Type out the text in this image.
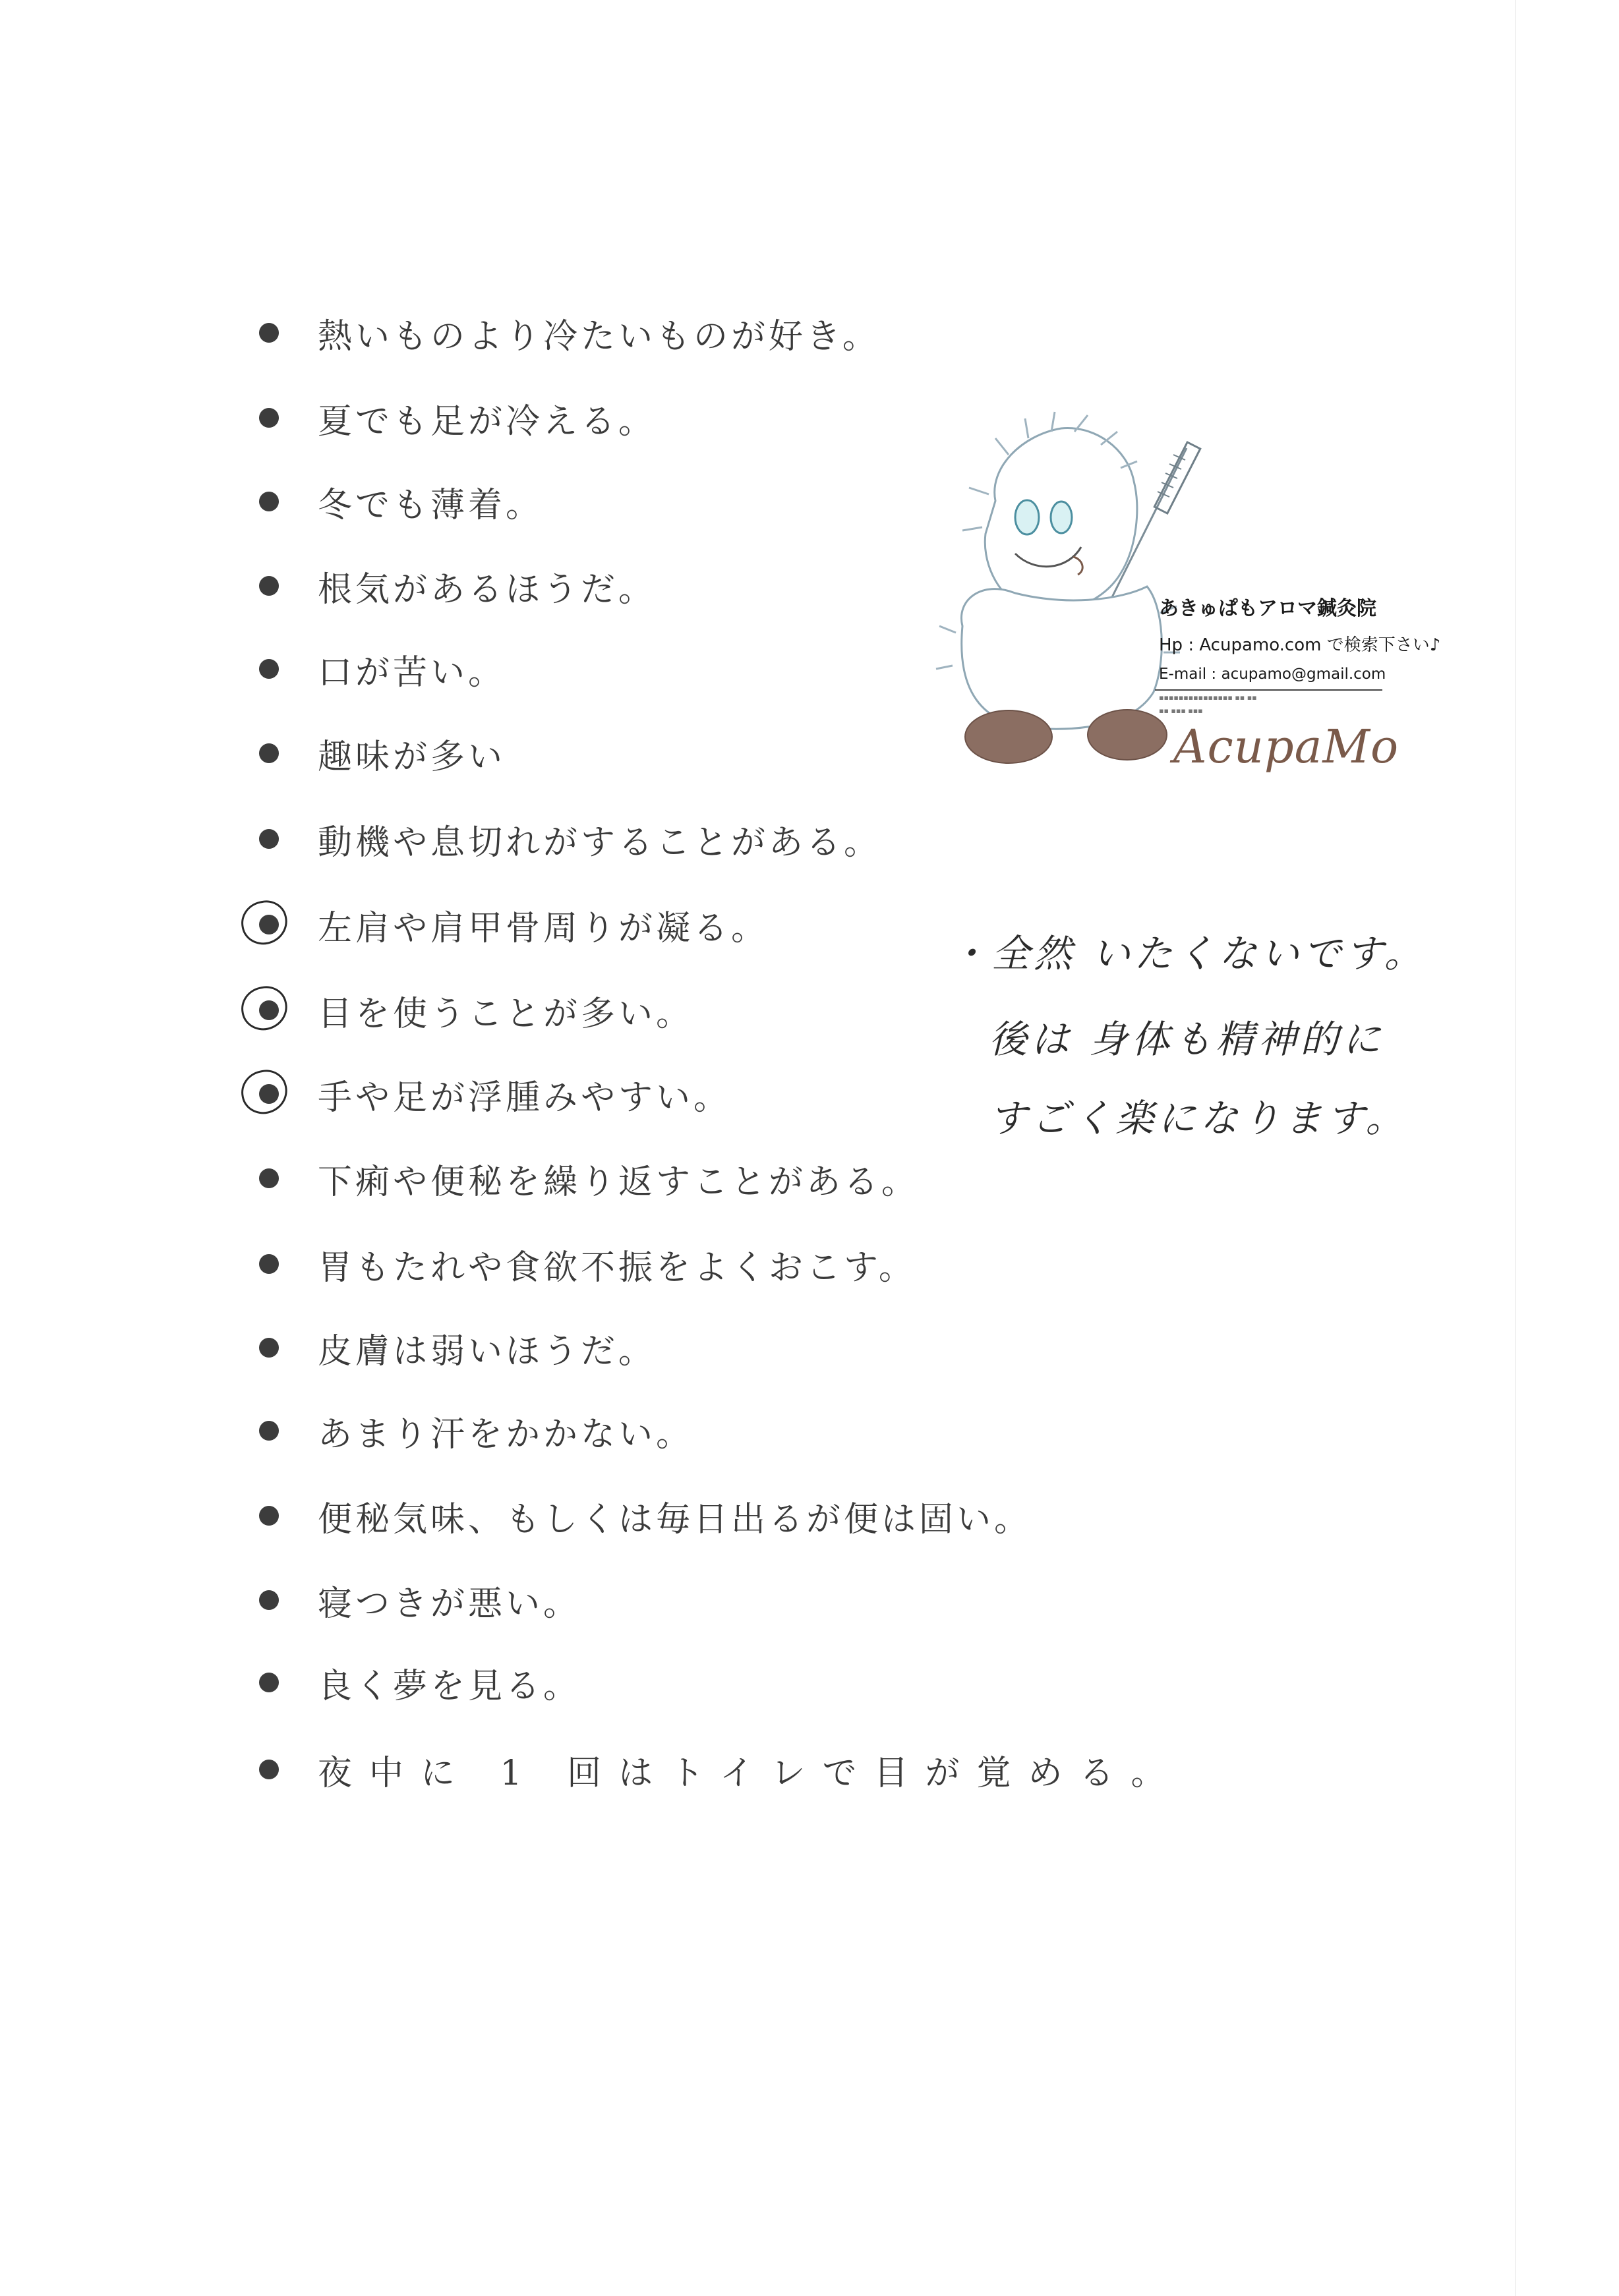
熱いものより冷たいものが好き。
夏でも足が冷える。
冬でも薄着。
根気があるほうだ。
口が苦い。
趣味が多い
動機や息切れがすることがある。
左肩や肩甲骨周りが凝る。
目を使うことが多い。
手や足が浮腫みやすい。
下痢や便秘を繰り返すことがある。
胃もたれや食欲不振をよくおこす。
皮膚は弱いほうだ。
あまり汗をかかない。
便秘気味、もしくは毎日出るが便は固い。
寝つきが悪い。
良く夢を見る。
夜中に 1 回はトイレで目が覚める。
あきゅぱもアロマ鍼灸院
Hp : Acupamo.com で検索下さい♪
E-mail : acupamo@gmail.com
▪▪▪▪▪▪▪▪▪▪▪▪▪▪▪ ▪▪ ▪▪
▪▪ ▪▪▪ ▪▪▪
AcupaMo
・全然 いたくないです。
後は 身体も精神的に
すごく楽になります。
